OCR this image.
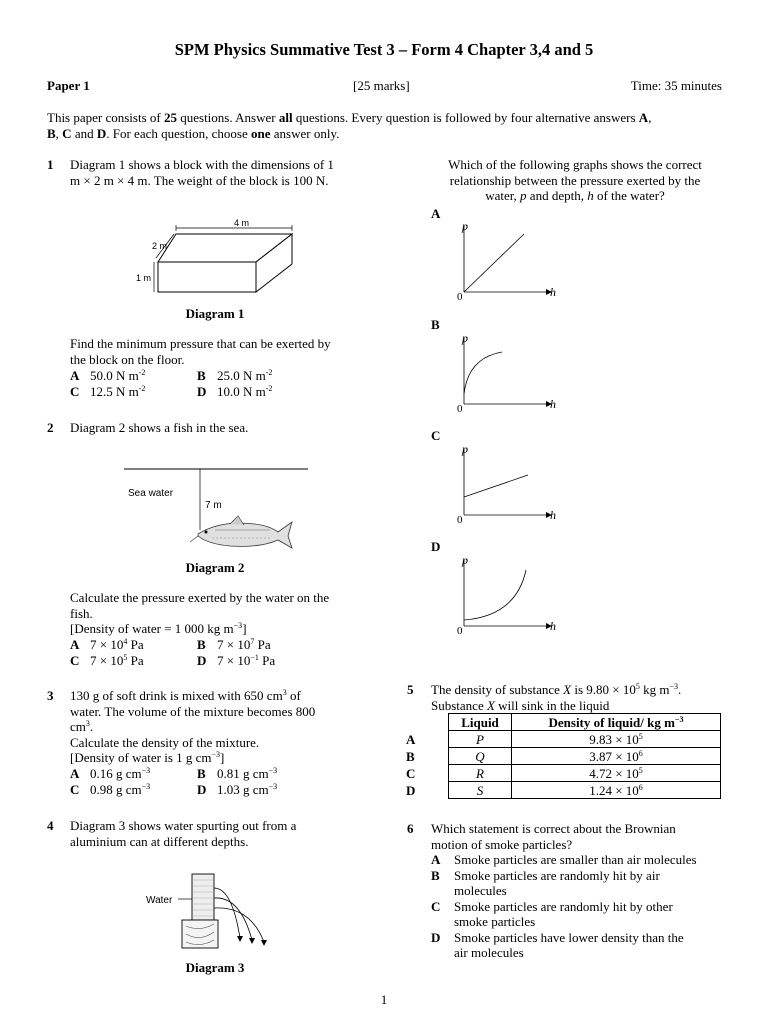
SPM Physics Summative Test 3 – Form 4 Chapter 3,4 and 5
Paper 1	[25 marks]	Time: 35 minutes
This paper consists of 25 questions. Answer all questions. Every question is followed by four alternative answers A,
B, C and D. For each question, choose one answer only.
1 Diagram 1 shows a block with the dimensions of 1
m × 2 m × 4 m. The weight of the block is 100 N.
4 m
2 m
1 m
Diagram 1
Find the minimum pressure that can be exerted by
the block on the floor.
A 50.0 N $m^{-2}$	B 25.0 N $m^{-2}$
C 12.5 N $m^{-2}$	D 10.0 N $m^{-2}$
2 Diagram 2 shows a fish in the sea.
Sea water
7 m
Diagram 2
Calculate the pressure exerted by the water on the
fish.
[Density of water = 1 000 kg $m^{-3}$]
A $7 \times 10^4$ Pa	B $7 \times 10^7$ Pa
C $7 \times 10^5$ Pa	D $7 \times 10^{-1}$ Pa
3 130 g of soft drink is mixed with 650 $cm^3$ of
water. The volume of the mixture becomes 800
$cm^3$.
Calculate the density of the mixture.
[Density of water is 1 g $cm^{-3}$]
A 0.16 g $cm^{-3}$	B 0.81 g $cm^{-3}$
C 0.98 g $cm^{-3}$	D 1.03 g $cm^{-3}$
4 Diagram 3 shows water spurting out from a
aluminium can at different depths.
Water
Diagram 3
Which of the following graphs shows the correct
relationship between the pressure exerted by the
water, p and depth, h of the water?
A
p
h
0
B
p
h
0
C
p
h
0
D
p
h
0
5 The density of substance X is $9.80 \times 10^5$ kg $m^{-3}$.
Substance X will sink in the liquid
	Liquid	Density of liquid/ kg $m^{-3}$
A	P	$9.83 \times 10^5$
B	Q	$3.87 \times 10^6$
C	R	$4.72 \times 10^5$
D	S	$1.24 \times 10^6$
6 Which statement is correct about the Brownian
motion of smoke particles?
A Smoke particles are smaller than air molecules
B Smoke particles are randomly hit by air
molecules
C Smoke particles are randomly hit by other
smoke particles
D Smoke particles have lower density than the
air molecules
1
